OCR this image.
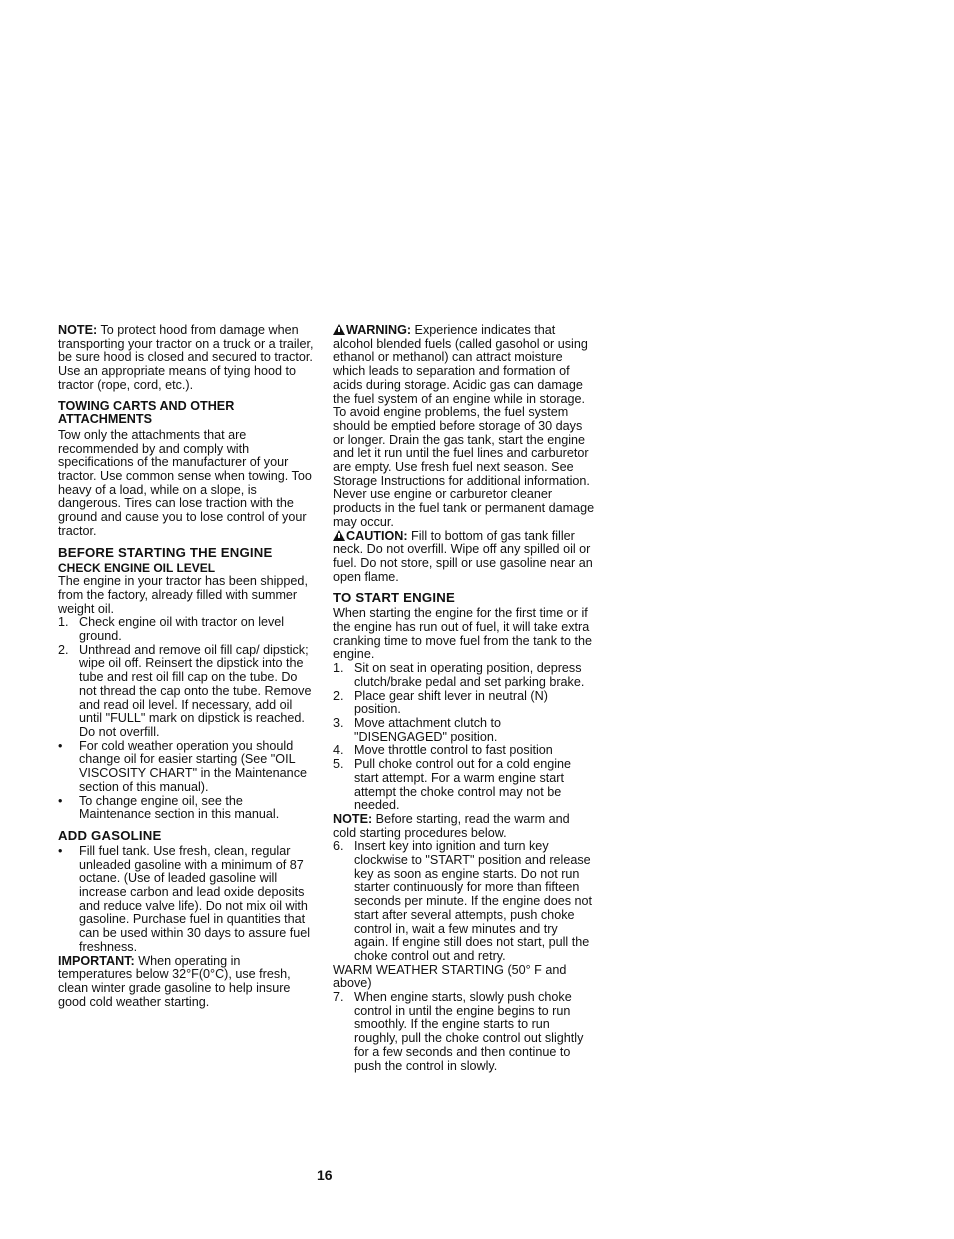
NOTE: To protect hood from damage when transporting your tractor on a truck or a trailer, be sure hood is closed and secured to tractor. Use an appropriate means of tying hood to tractor (rope, cord, etc.).

TOWING CARTS AND OTHER ATTACHMENTS

Tow only the attachments that are recommended by and comply with specifications of the manufacturer of your tractor. Use common sense when towing. Too heavy of a load, while on a slope, is dangerous. Tires can lose traction with the ground and cause you to lose control of your tractor.

BEFORE STARTING THE ENGINE
CHECK ENGINE OIL LEVEL

The engine in your tractor has been shipped, from the factory, already filled with summer weight oil.

1. Check engine oil with tractor on level ground.
2. Unthread and remove oil fill cap/ dipstick; wipe oil off. Reinsert the dipstick into the tube and rest oil fill cap on the tube. Do not thread the cap onto the tube. Remove and read oil level. If necessary, add oil until "FULL" mark on dipstick is reached. Do not overfill.
• For cold weather operation you should change oil for easier starting (See "OIL VISCOSITY CHART" in the Maintenance section of this manual).
• To change engine oil, see the Maintenance section in this manual.
ADD GASOLINE
• Fill fuel tank. Use fresh, clean, regular unleaded gasoline with a minimum of 87 octane. (Use of leaded gasoline will increase carbon and lead oxide deposits and reduce valve life). Do not mix oil with gasoline. Purchase fuel in quantities that can be used within 30 days to assure fuel freshness.

IMPORTANT: When operating in temperatures below 32°F(0°C), use fresh, clean winter grade gasoline to help insure good cold weather starting.

WARNING: Experience indicates that alcohol blended fuels (called gasohol or using ethanol or methanol) can attract moisture which leads to separation and formation of acids during storage. Acidic gas can damage the fuel system of an engine while in storage. To avoid engine problems, the fuel system should be emptied before storage of 30 days or longer. Drain the gas tank, start the engine and let it run until the fuel lines and carburetor are empty. Use fresh fuel next season. See Storage Instructions for additional information. Never use engine or carburetor cleaner products in the fuel tank or permanent damage may occur.

CAUTION: Fill to bottom of gas tank filler neck. Do not overfill. Wipe off any spilled oil or fuel. Do not store, spill or use gasoline near an open flame.

TO START ENGINE

When starting the engine for the first time or if the engine has run out of fuel, it will take extra cranking time to move fuel from the tank to the engine.

1. Sit on seat in operating position, depress clutch/brake pedal and set parking brake.
2. Place gear shift lever in neutral (N) position.
3. Move attachment clutch to "DISENGAGED" position.
4. Move throttle control to fast position
5. Pull choke control out for a cold engine start attempt. For a warm engine start attempt the choke control may not be needed.

NOTE: Before starting, read the warm and cold starting procedures below.

6. Insert key into ignition and turn key clockwise to "START" position and release key as soon as engine starts. Do not run starter continuously for more than fifteen seconds per minute. If the engine does not start after several attempts, push choke control in, wait a few minutes and try again. If engine still does not start, pull the choke control out and retry.

WARM WEATHER STARTING (50° F and above)

7. When engine starts, slowly push choke control in until the engine begins to run smoothly. If the engine starts to run roughly, pull the choke control out slightly for a few seconds and then continue to push the control in slowly.
16
